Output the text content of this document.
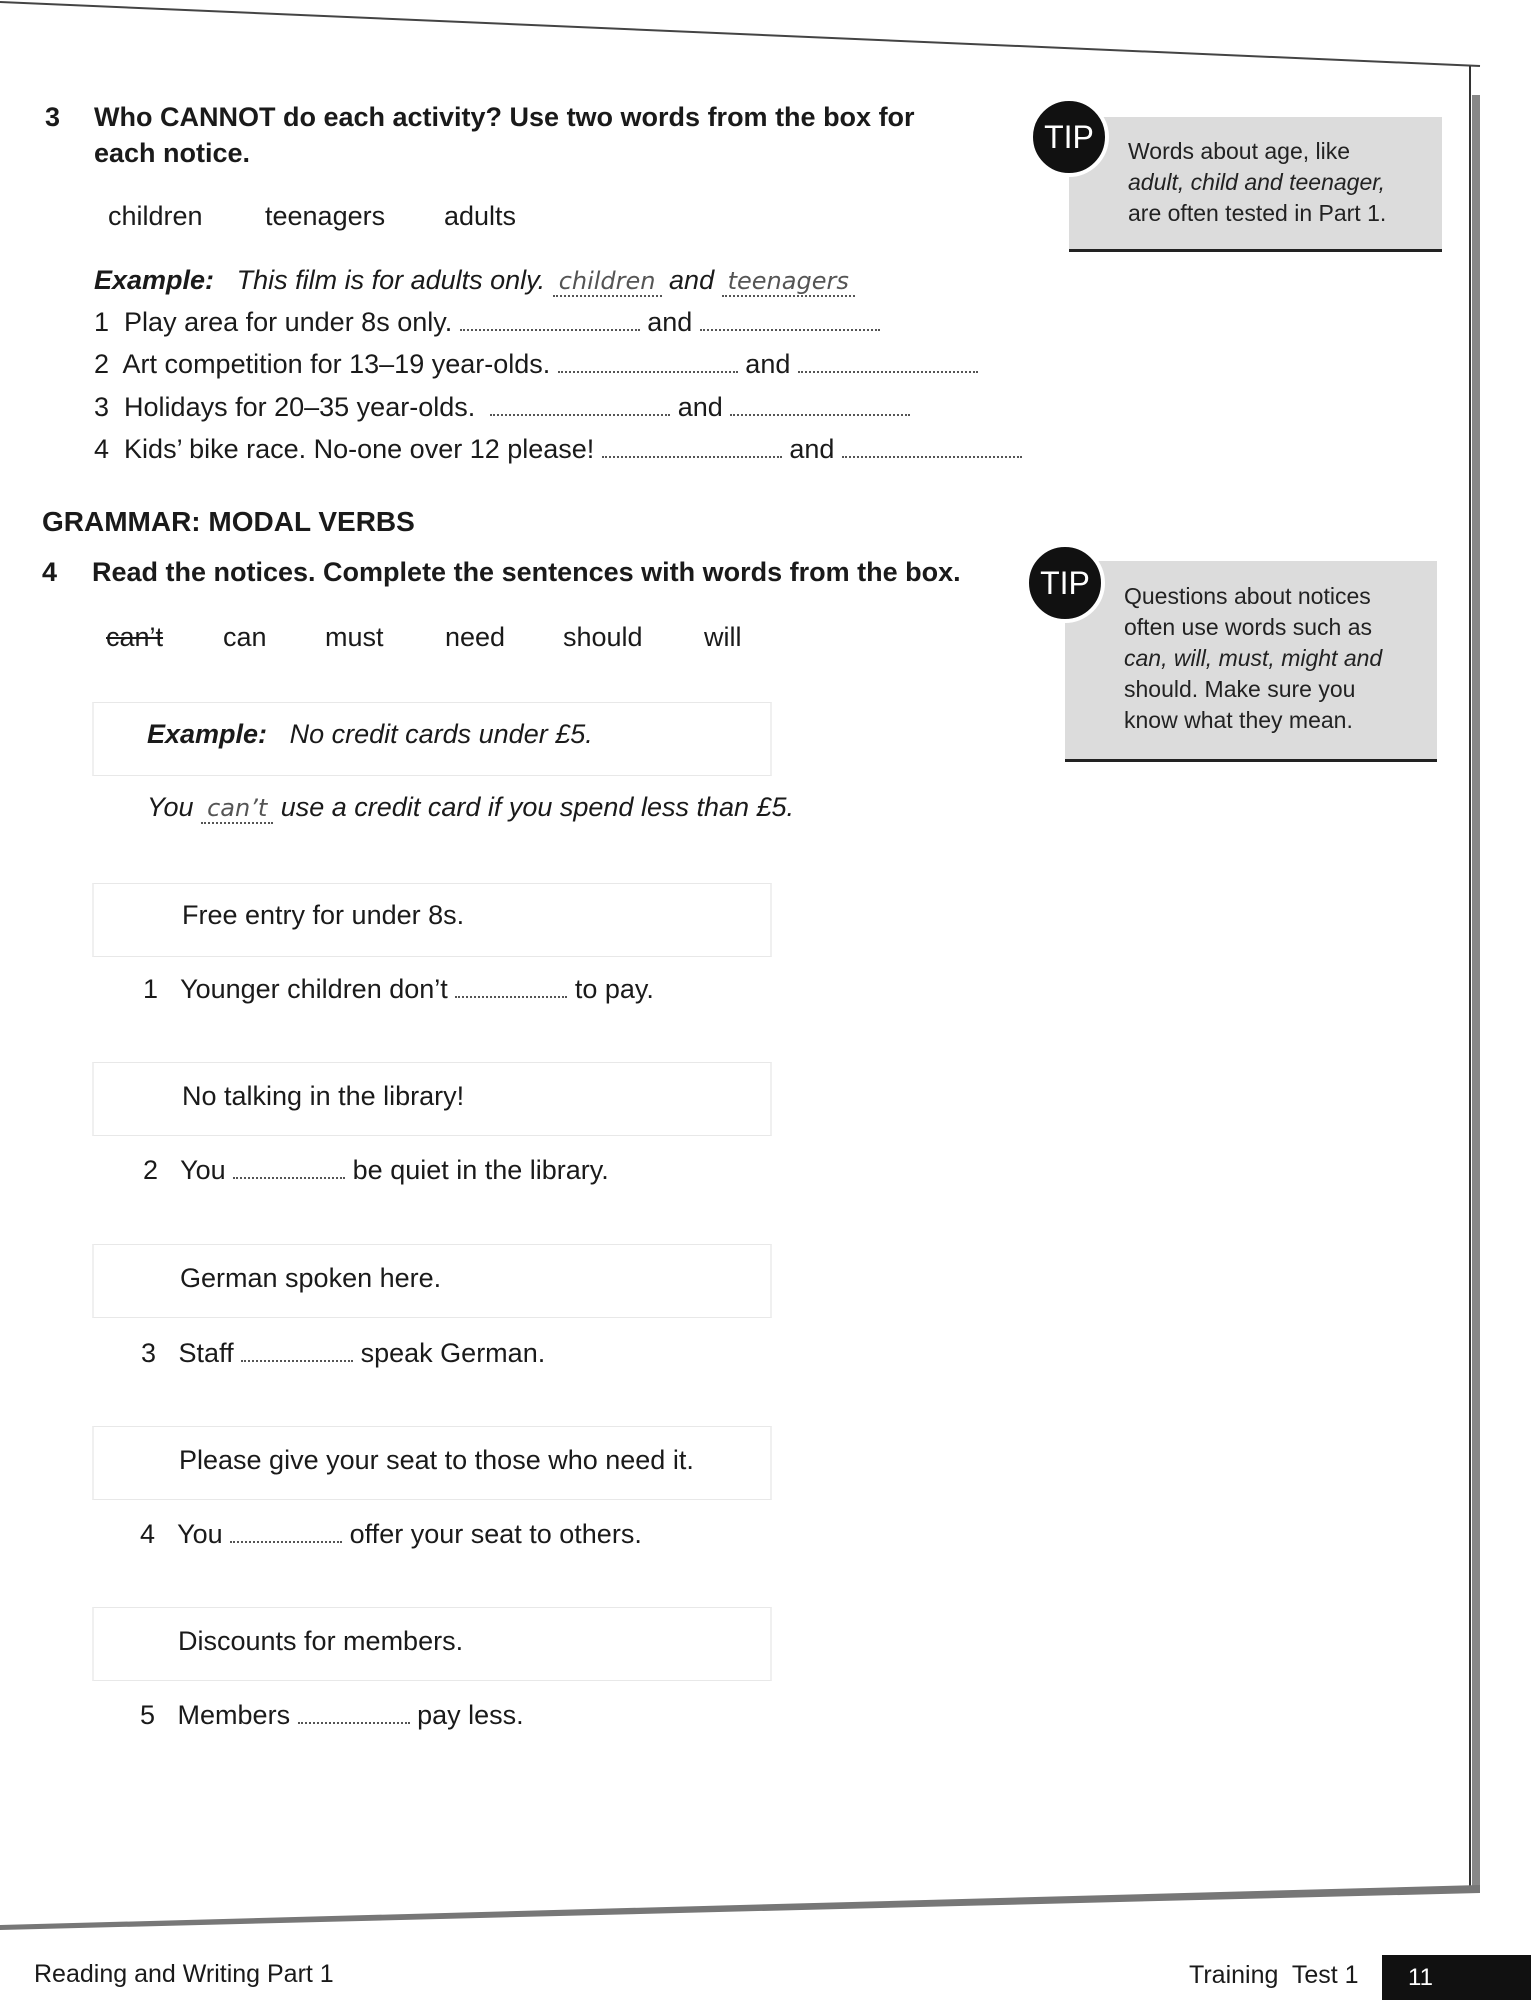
3 Who CANNOT do each activity? Use two words from the box for
each notice.
children teenagers adults
Example: This film is for adults only. children and teenagers
1 Play area for under 8s only.	and
2 Art competition for 13–19 year-olds.	and
3 Holidays for 20–35 year-olds.	and
4 Kids’ bike race. No-one over 12 please!	and
GRAMMAR: MODAL VERBS
4 Read the notices. Complete the sentences with words from the box.
can’t can must need should will
Example: No credit cards under £5.
You can’t use a credit card if you spend less than £5.
Free entry for under 8s.
1 Younger children don’t	to pay.
No talking in the library!
2 You	be quiet in the library.
German spoken here.
3 Staff	speak German.
Please give your seat to those who need it.
4 You	offer your seat to others.
Discounts for members.
5 Members	pay less.
TIP	Words about age, like
adult, child and teenager,
are often tested in Part 1.
TIP	Questions about notices
often use words such as
can, will, must, might and
should. Make sure you
know what they mean.
Reading and Writing Part 1	Training  Test 1	11
